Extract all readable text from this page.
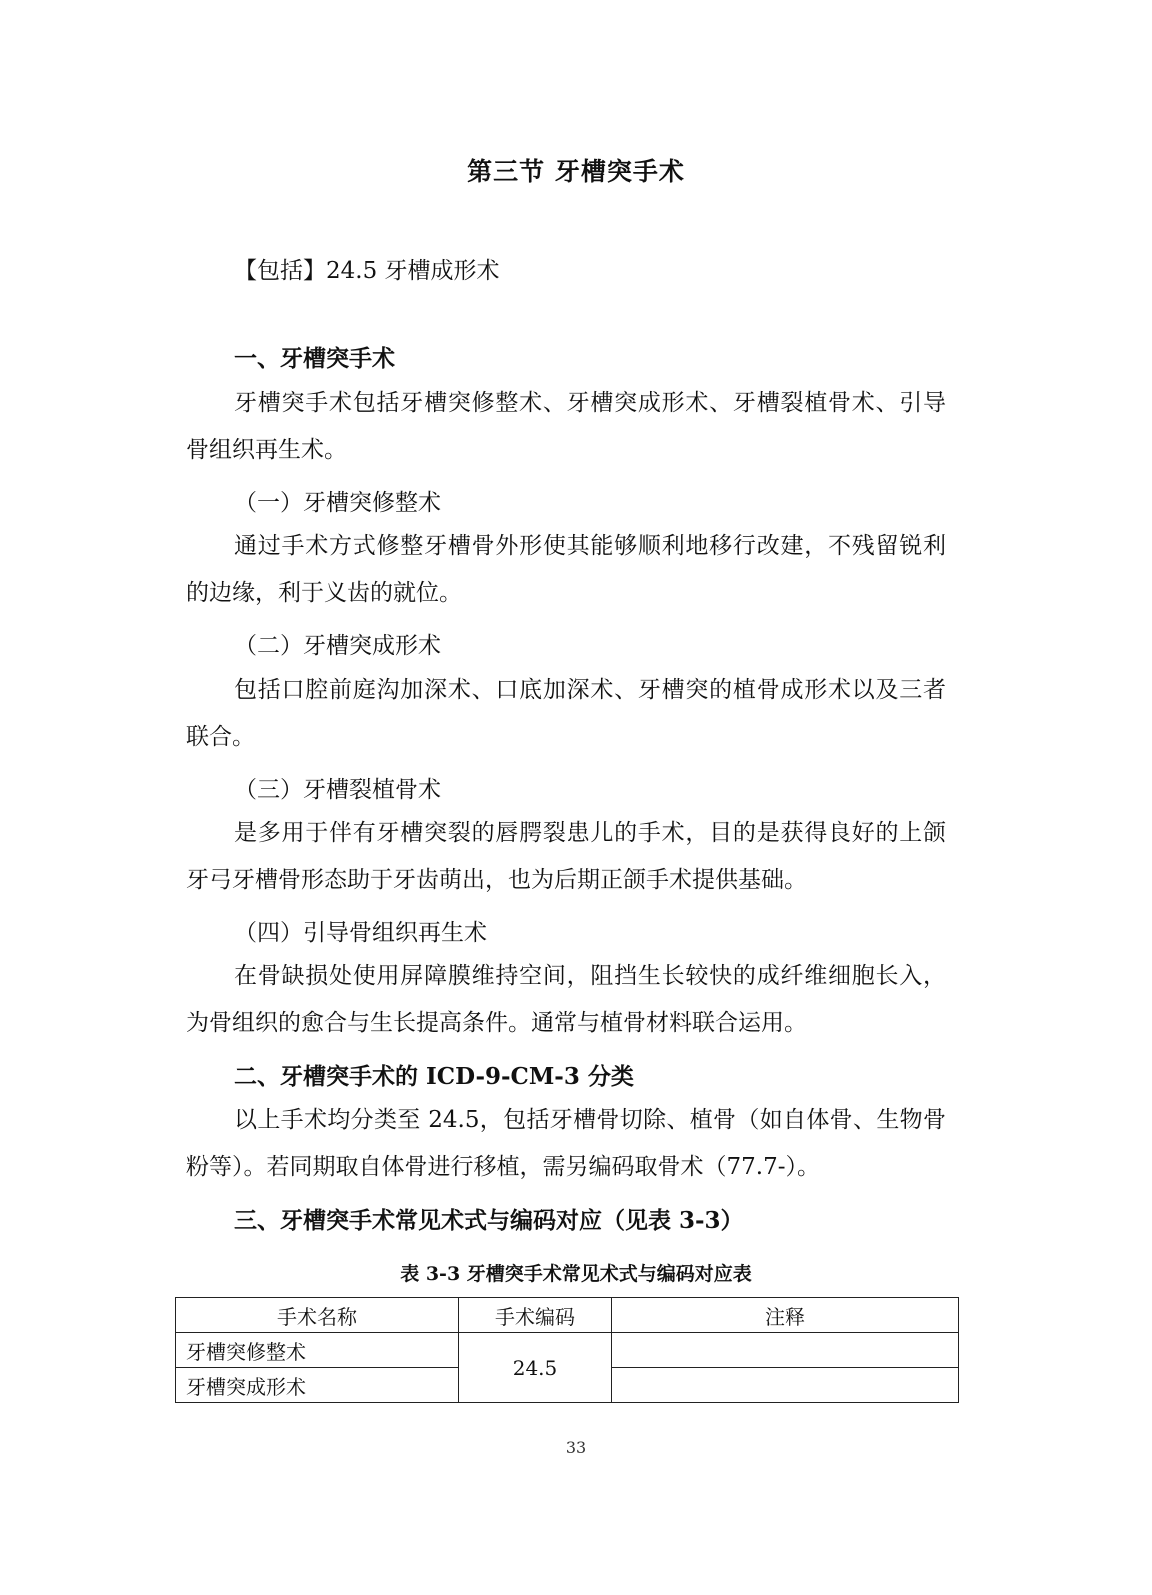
第三节 牙槽突手术
【包括】24.5 牙槽成形术
一、牙槽突手术
牙槽突手术包括牙槽突修整术、牙槽突成形术、牙槽裂植骨术、引导骨组织再生术。
（一）牙槽突修整术
通过手术方式修整牙槽骨外形使其能够顺利地移行改建，不残留锐利的边缘，利于义齿的就位。
（二）牙槽突成形术
包括口腔前庭沟加深术、口底加深术、牙槽突的植骨成形术以及三者联合。
（三）牙槽裂植骨术
是多用于伴有牙槽突裂的唇腭裂患儿的手术，目的是获得良好的上颌牙弓牙槽骨形态助于牙齿萌出，也为后期正颌手术提供基础。
（四）引导骨组织再生术
在骨缺损处使用屏障膜维持空间，阻挡生长较快的成纤维细胞长入，为骨组织的愈合与生长提高条件。通常与植骨材料联合运用。
二、牙槽突手术的 ICD-9-CM-3 分类
以上手术均分类至 24.5，包括牙槽骨切除、植骨（如自体骨、生物骨粉等）。若同期取自体骨进行移植，需另编码取骨术（77.7-）。
三、牙槽突手术常见术式与编码对应（见表 3-3）
表 3-3 牙槽突手术常见术式与编码对应表
手术名称	手术编码	注释
牙槽突修整术	24.5	
牙槽突成形术		
33
